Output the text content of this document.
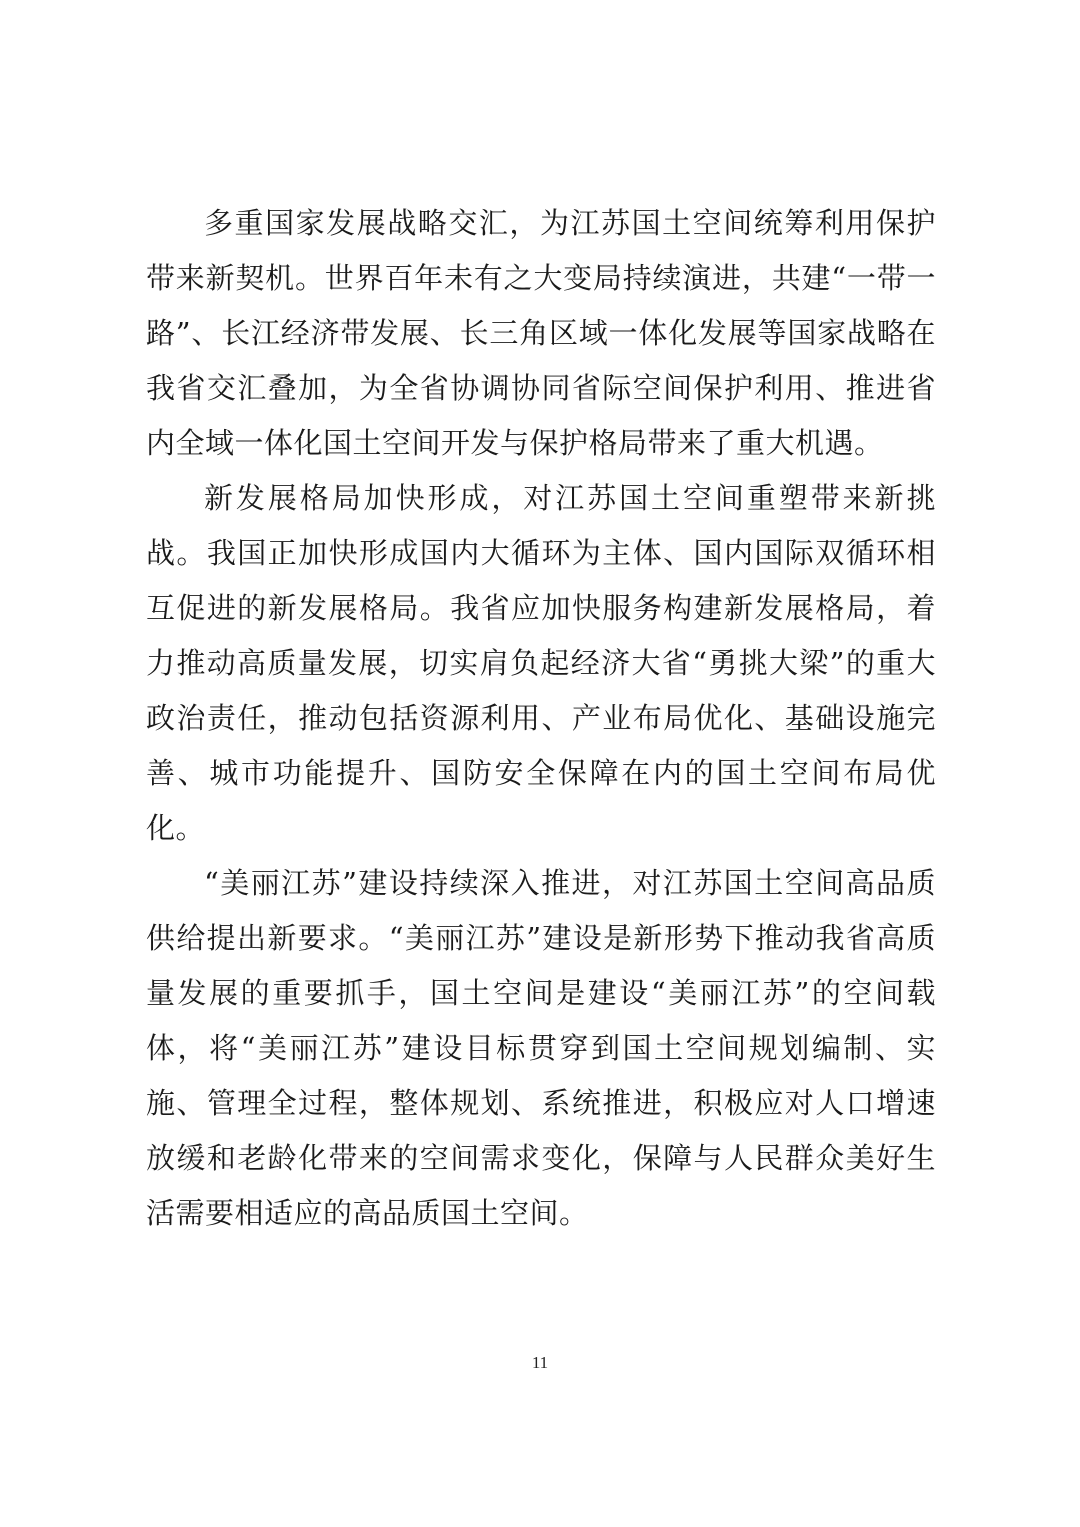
多重国家发展战略交汇，为江苏国土空间统筹利用保护带来新契机。世界百年未有之大变局持续演进，共建“一带一路”、长江经济带发展、长三角区域一体化发展等国家战略在我省交汇叠加，为全省协调协同省际空间保护利用、推进省内全域一体化国土空间开发与保护格局带来了重大机遇。

新发展格局加快形成，对江苏国土空间重塑带来新挑战。我国正加快形成国内大循环为主体、国内国际双循环相互促进的新发展格局。我省应加快服务构建新发展格局，着力推动高质量发展，切实肩负起经济大省“勇挑大梁”的重大政治责任，推动包括资源利用、产业布局优化、基础设施完善、城市功能提升、国防安全保障在内的国土空间布局优化。

“美丽江苏”建设持续深入推进，对江苏国土空间高品质供给提出新要求。“美丽江苏”建设是新形势下推动我省高质量发展的重要抓手，国土空间是建设“美丽江苏”的空间载体，将“美丽江苏”建设目标贯穿到国土空间规划编制、实施、管理全过程，整体规划、系统推进，积极应对人口增速放缓和老龄化带来的空间需求变化，保障与人民群众美好生活需要相适应的高品质国土空间。

11
